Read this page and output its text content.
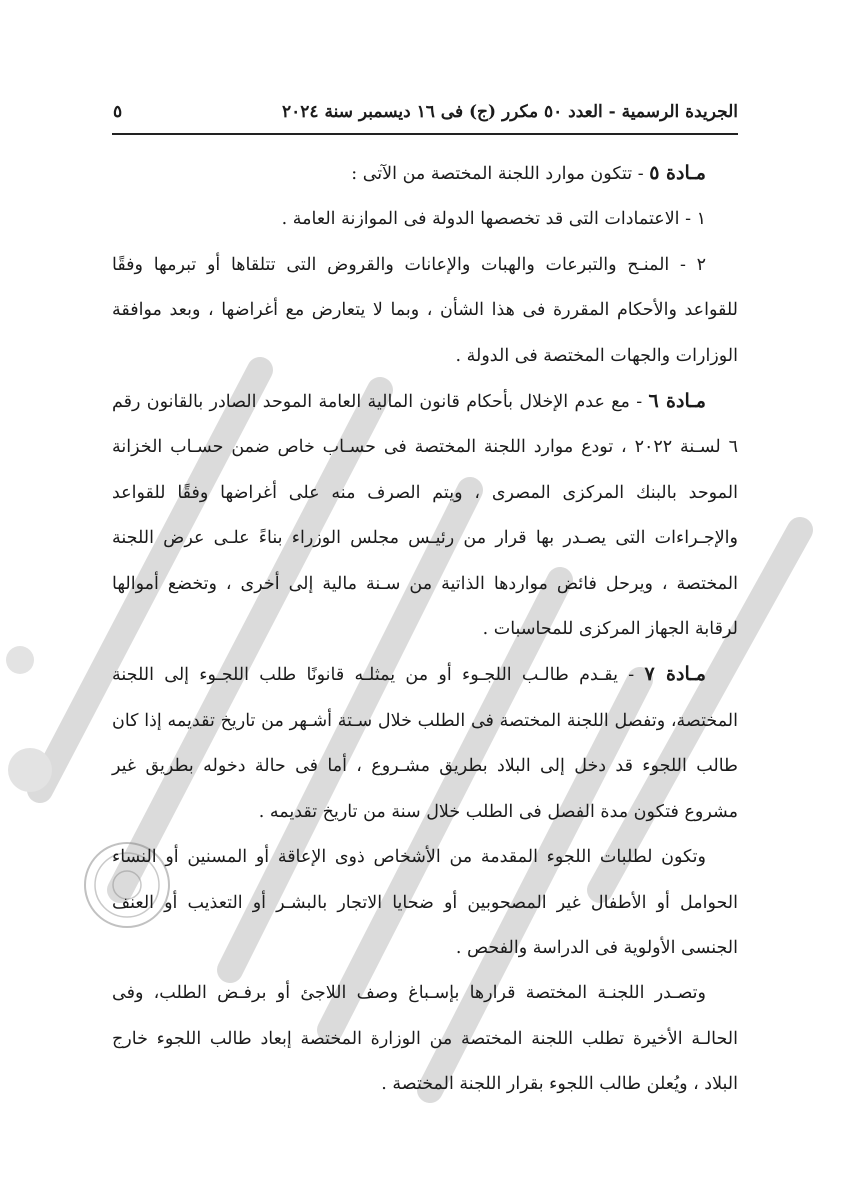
الجريدة الرسمية - العدد ٥٠ مكرر (ج) فى ١٦ ديسمبر سنة ٢٠٢٤
٥

مـادة ٥ - تتكون موارد اللجنة المختصة من الآتى :

١ - الاعتمادات التى قد تخصصها الدولة فى الموازنة العامة .

٢ - المنـح والتبرعات والهبات والإعانات والقروض التى تتلقاها أو تبرمها وفقًا للقواعد والأحكام المقررة فى هذا الشأن ، وبما لا يتعارض مع أغراضها ، وبعد موافقة الوزارات والجهات المختصة فى الدولة .

مـادة ٦ - مع عدم الإخلال بأحكام قانون المالية العامة الموحد الصادر بالقانون رقم ٦ لسـنة ٢٠٢٢ ، تودع موارد اللجنة المختصة فى حسـاب خاص ضمن حسـاب الخزانة الموحد بالبنك المركزى المصرى ، ويتم الصرف منه على أغراضها وفقًا للقواعد والإجـراءات التى يصـدر بها قرار من رئيـس مجلس الوزراء بناءً علـى عرض اللجنة المختصة ، ويرحل فائض مواردها الذاتية من سـنة مالية إلى أخرى ، وتخضع أموالها لرقابة الجهاز المركزى للمحاسبات .

مـادة ٧ - يقـدم طالـب اللجـوء أو من يمثلـه قانونًا طلب اللجـوء إلى اللجنة المختصة، وتفصل اللجنة المختصة فى الطلب خلال سـتة أشـهر من تاريخ تقديمه إذا كان طالب اللجوء قد دخل إلى البلاد بطريق مشـروع ، أما فى حالة دخوله بطريق غير مشروع فتكون مدة الفصل فى الطلب خلال سنة من تاريخ تقديمه .

وتكون لطلبات اللجوء المقدمة من الأشخاص ذوى الإعاقة أو المسنين أو النساء الحوامل أو الأطفال غير المصحوبين أو ضحايا الاتجار بالبشـر أو التعذيب أو العنف الجنسى الأولوية فى الدراسة والفحص .

وتصـدر اللجنـة المختصة قرارها بإسـباغ وصف اللاجئ أو برفـض الطلب، وفى الحالـة الأخيرة تطلب اللجنة المختصة من الوزارة المختصة إبعاد طالب اللجوء خارج البلاد ، ويُعلن طالب اللجوء بقرار اللجنة المختصة .
